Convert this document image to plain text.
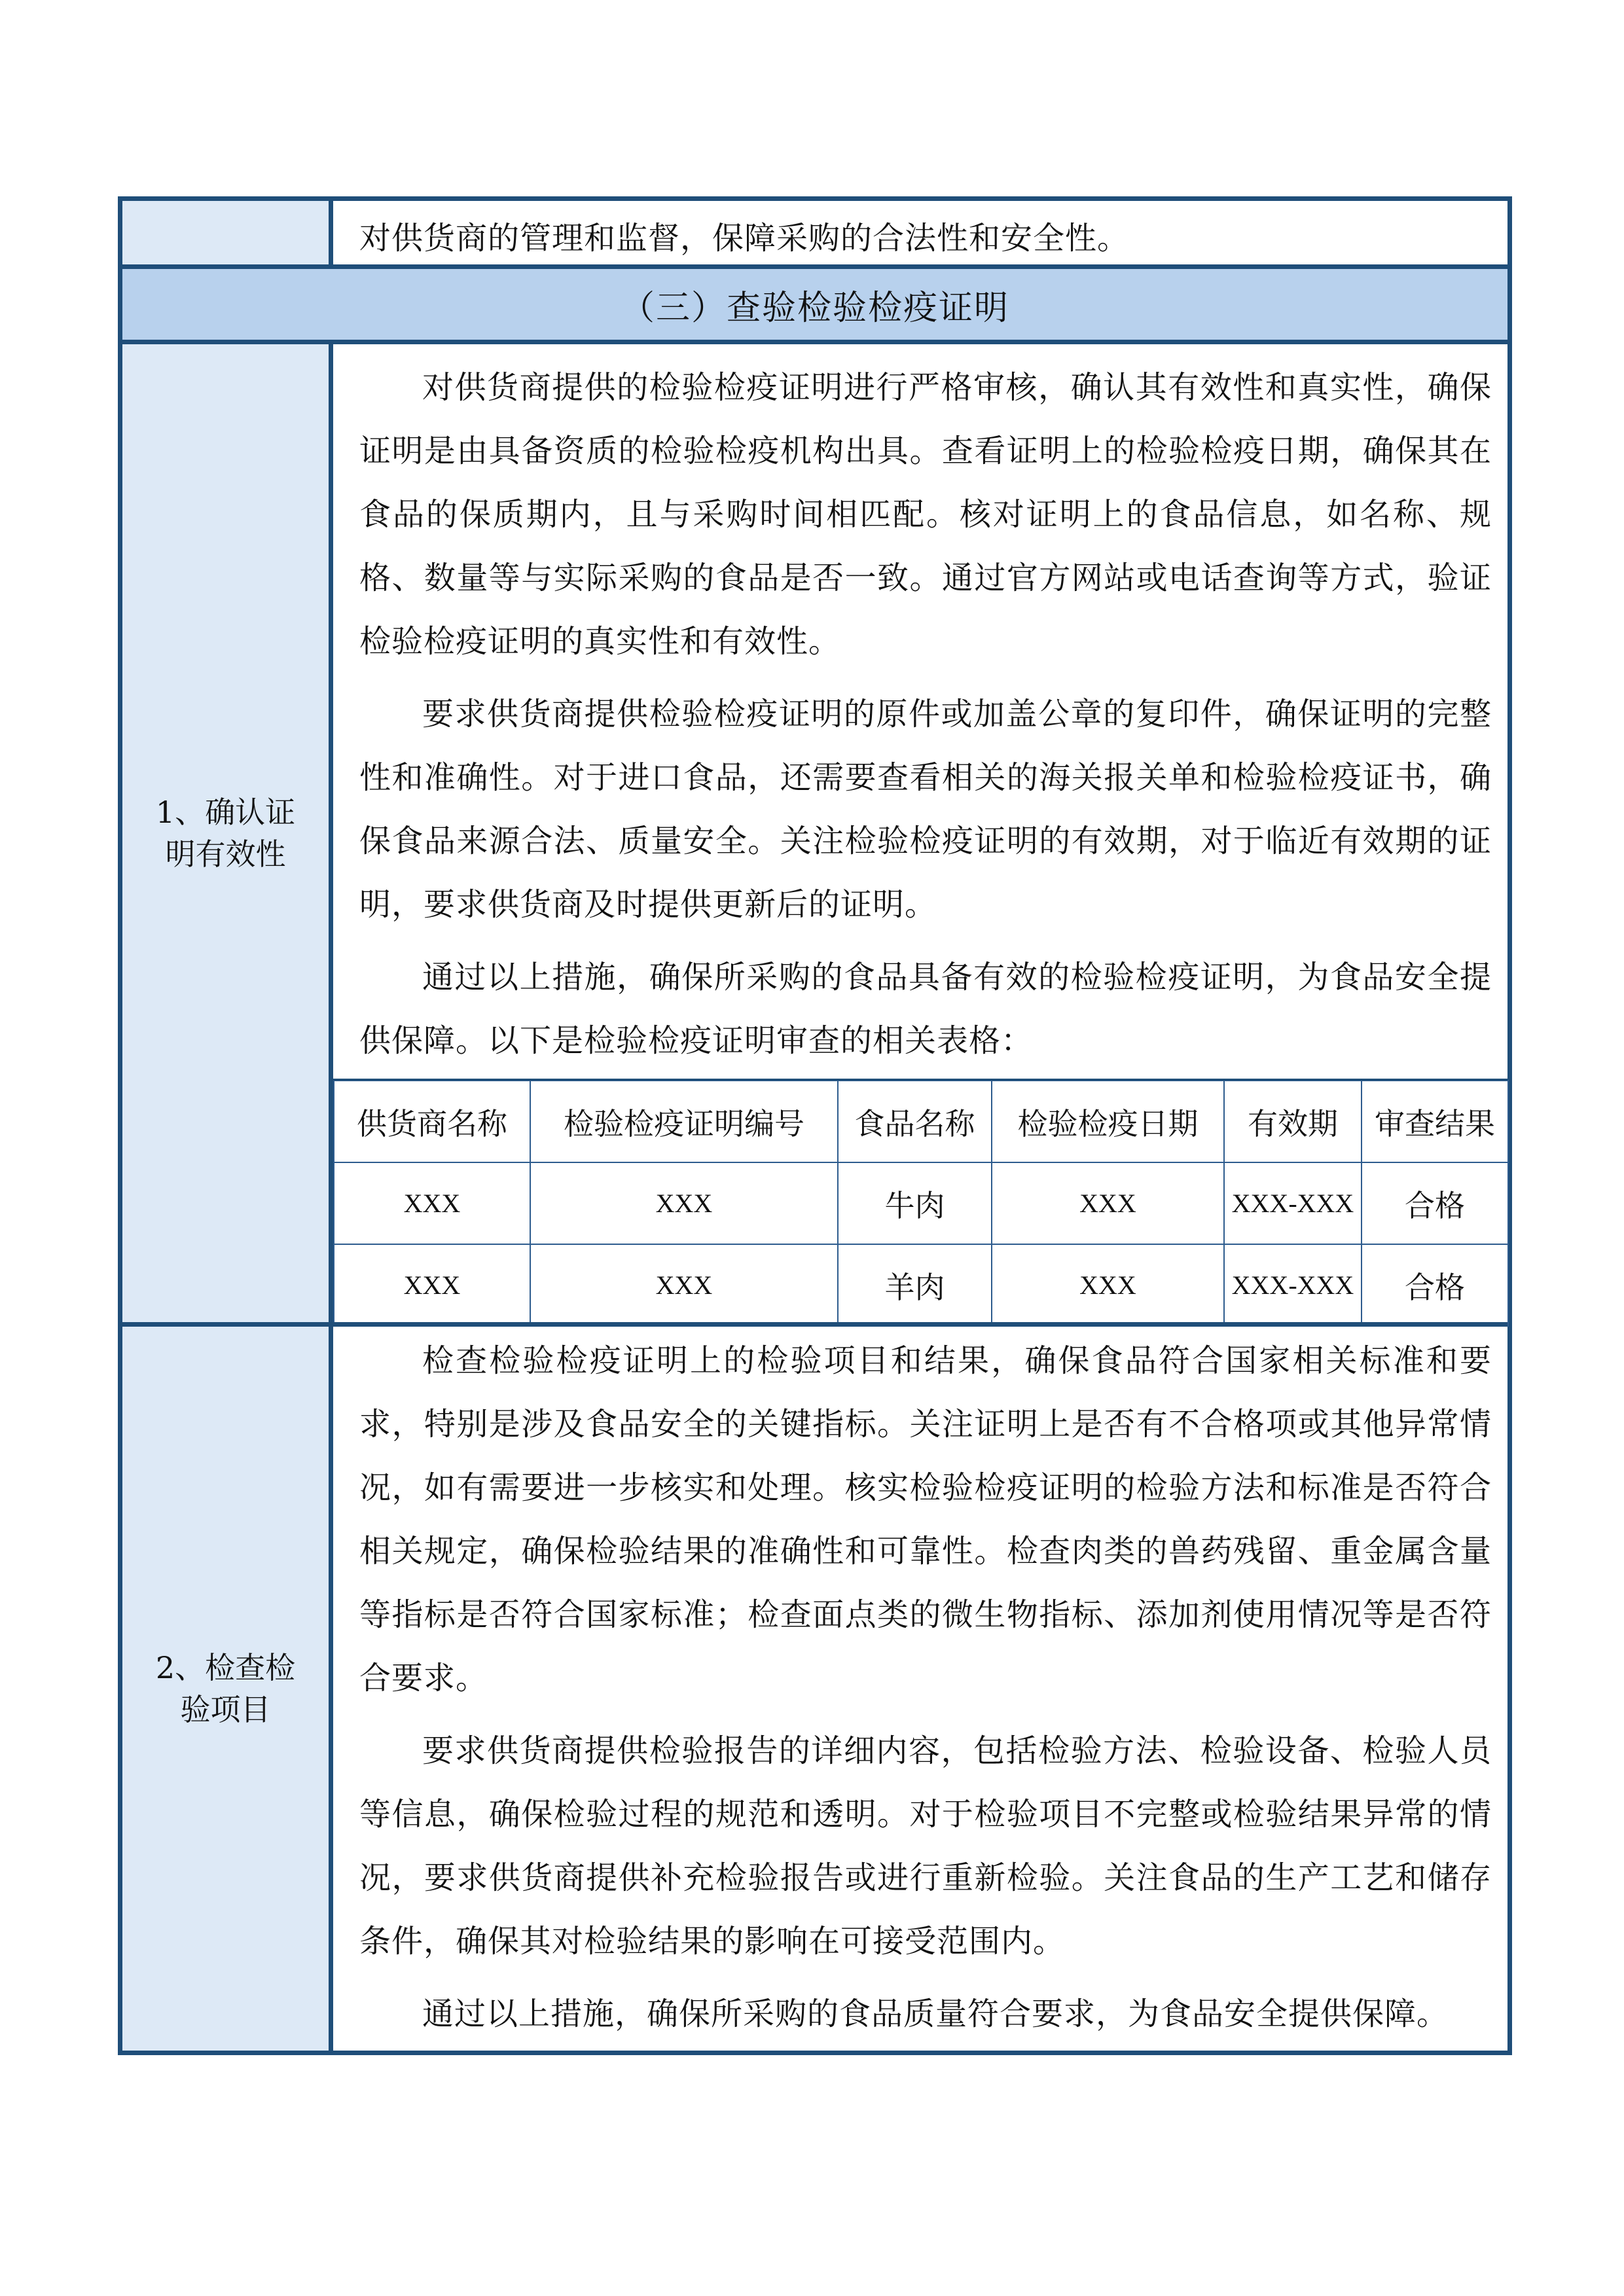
对供货商的管理和监督，保障采购的合法性和安全性。
（三）查验检验检疫证明
1、确认证
明有效性

对供货商提供的检验检疫证明进行严格审核，确认其有效性和真实性，确保证明是由具备资质的检验检疫机构出具。查看证明上的检验检疫日期，确保其在食品的保质期内，且与采购时间相匹配。核对证明上的食品信息，如名称、规格、数量等与实际采购的食品是否一致。通过官方网站或电话查询等方式，验证检验检疫证明的真实性和有效性。

要求供货商提供检验检疫证明的原件或加盖公章的复印件，确保证明的完整性和准确性。对于进口食品，还需要查看相关的海关报关单和检验检疫证书，确保食品来源合法、质量安全。关注检验检疫证明的有效期，对于临近有效期的证明，要求供货商及时提供更新后的证明。

通过以上措施，确保所采购的食品具备有效的检验检疫证明，为食品安全提供保障。以下是检验检疫证明审查的相关表格：

供货商名称	检验检疫证明编号	食品名称	检验检疫日期	有效期	审查结果
XXX	XXX	牛肉	XXX	XXX-XXX	合格
XXX	XXX	羊肉	XXX	XXX-XXX	合格
2、检查检
验项目

检查检验检疫证明上的检验项目和结果，确保食品符合国家相关标准和要求，特别是涉及食品安全的关键指标。关注证明上是否有不合格项或其他异常情况，如有需要进一步核实和处理。核实检验检疫证明的检验方法和标准是否符合相关规定，确保检验结果的准确性和可靠性。检查肉类的兽药残留、重金属含量等指标是否符合国家标准；检查面点类的微生物指标、添加剂使用情况等是否符合要求。

要求供货商提供检验报告的详细内容，包括检验方法、检验设备、检验人员等信息，确保检验过程的规范和透明。对于检验项目不完整或检验结果异常的情况，要求供货商提供补充检验报告或进行重新检验。关注食品的生产工艺和储存条件，确保其对检验结果的影响在可接受范围内。

通过以上措施，确保所采购的食品质量符合要求，为食品安全提供保障。
